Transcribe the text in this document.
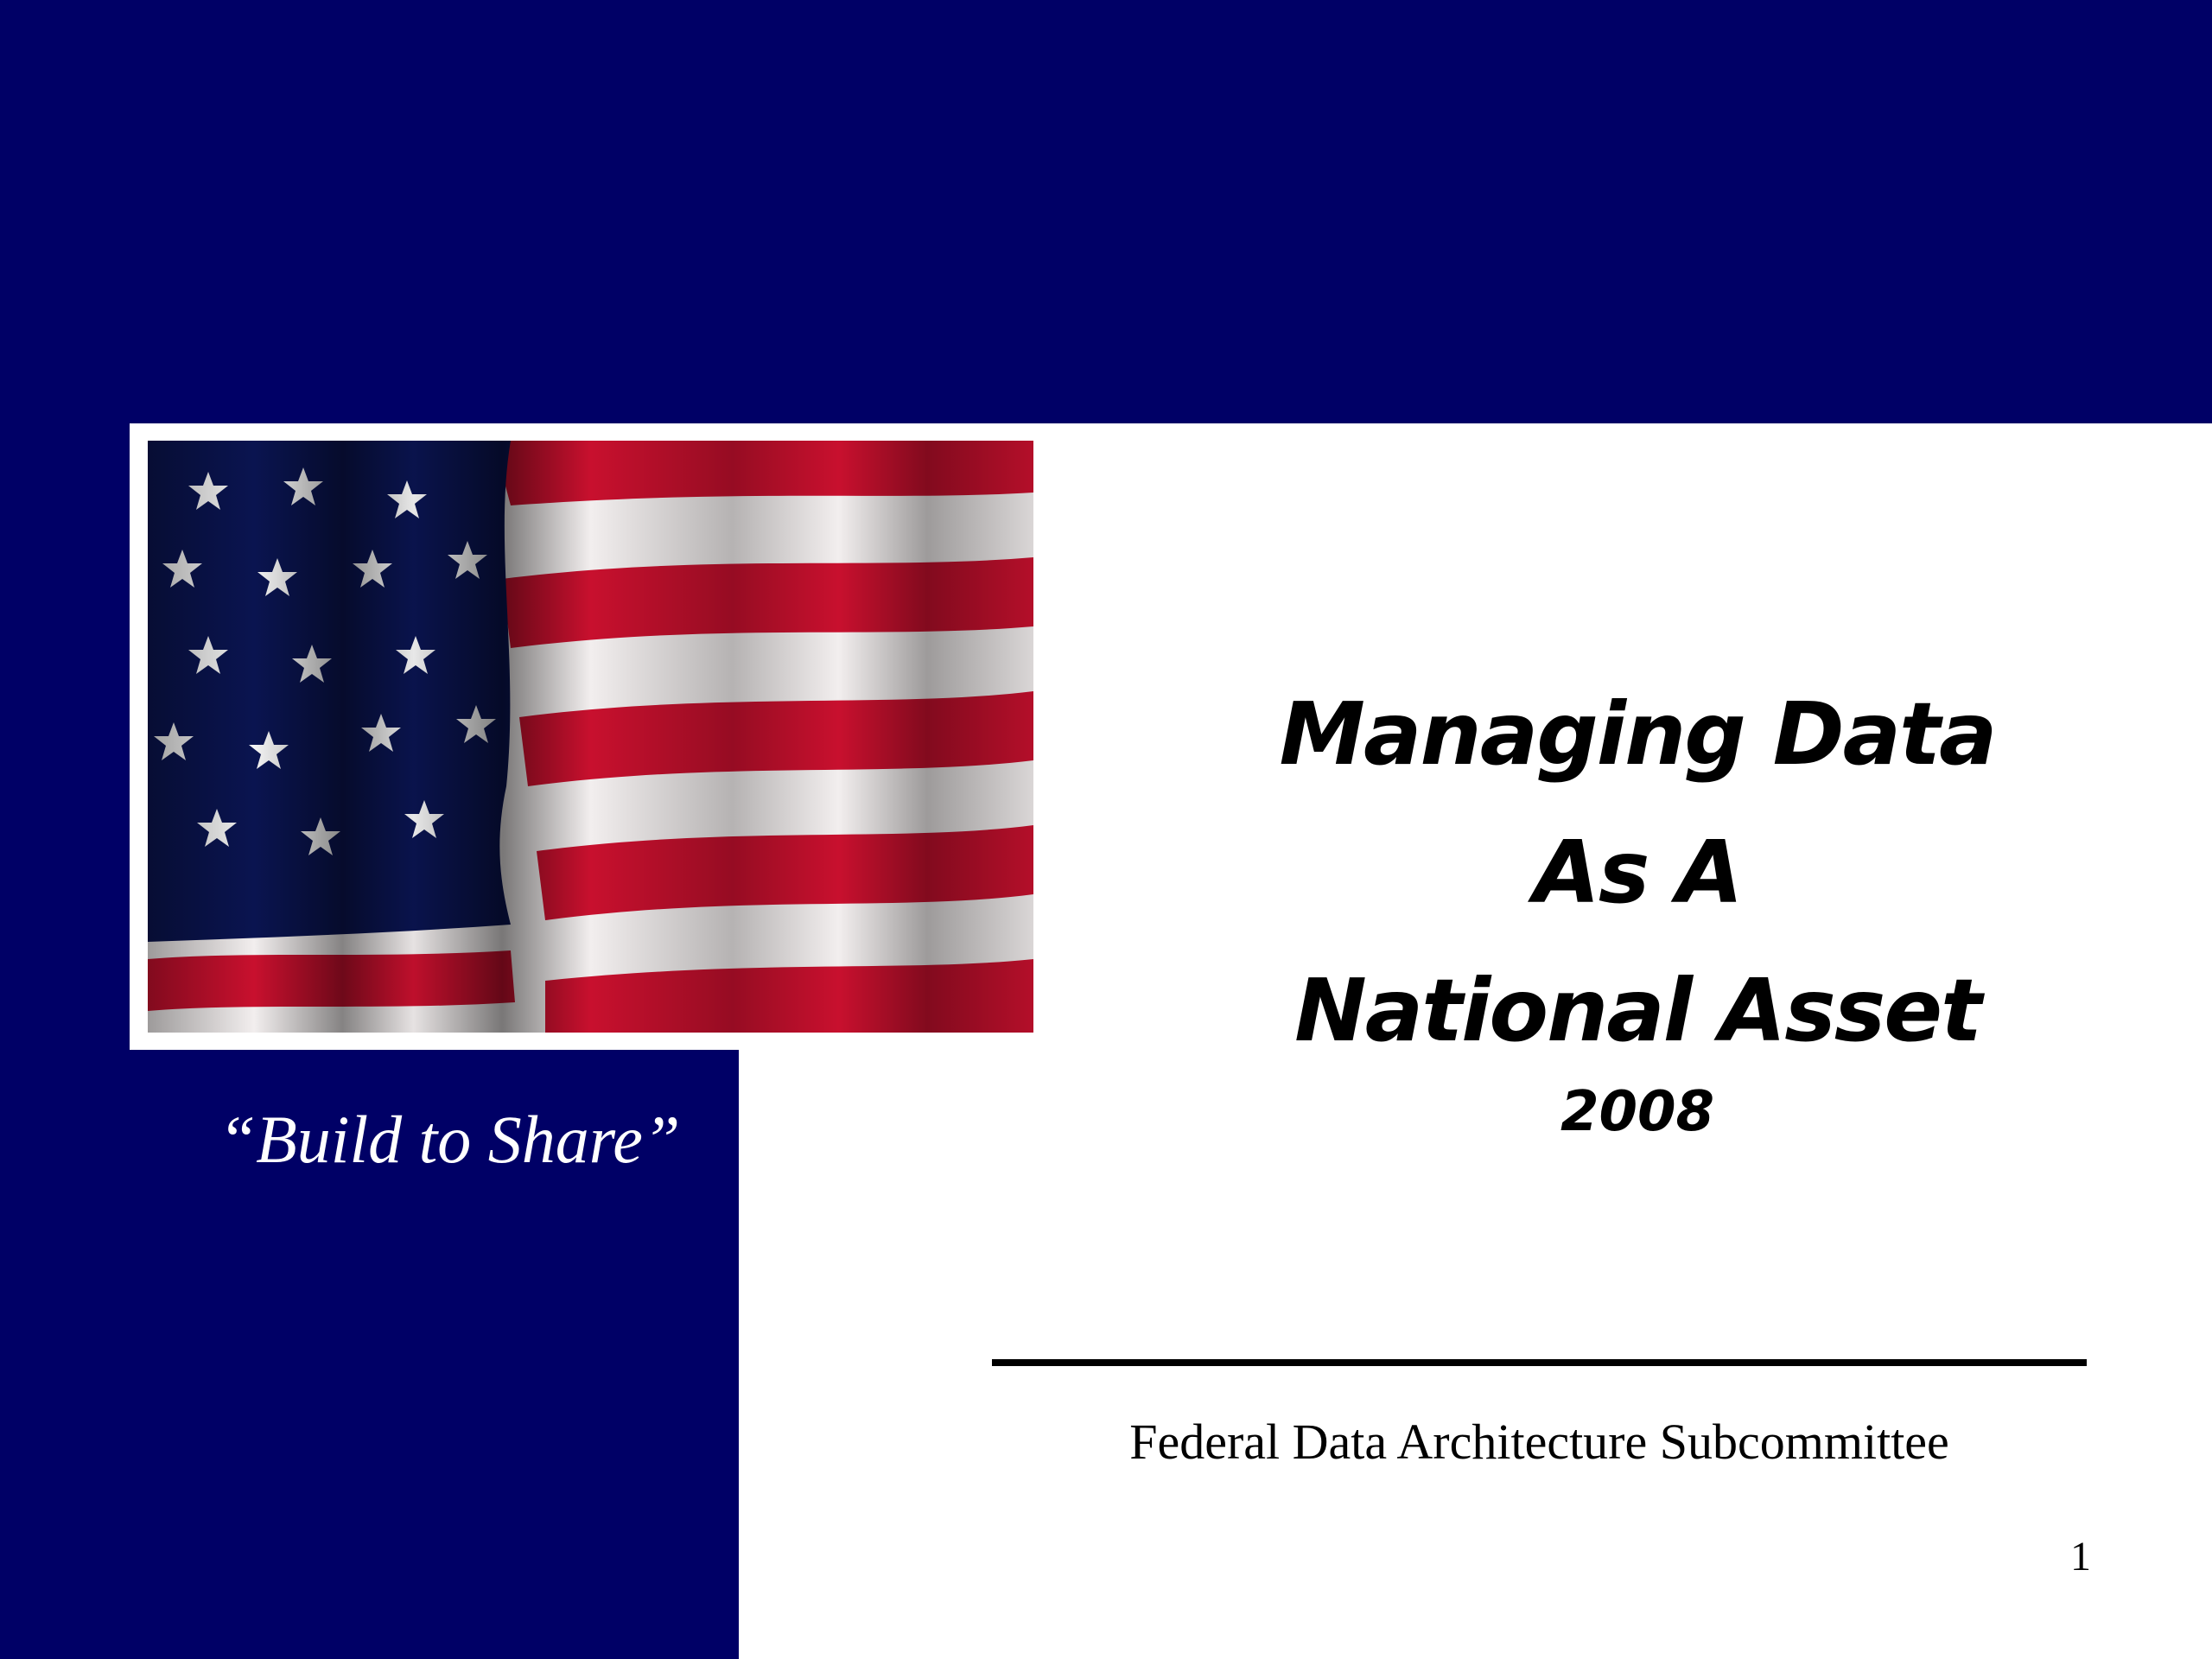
“Build to Share”
Managing Data
As A
National Asset
2008
Federal Data Architecture Subcommittee
1
